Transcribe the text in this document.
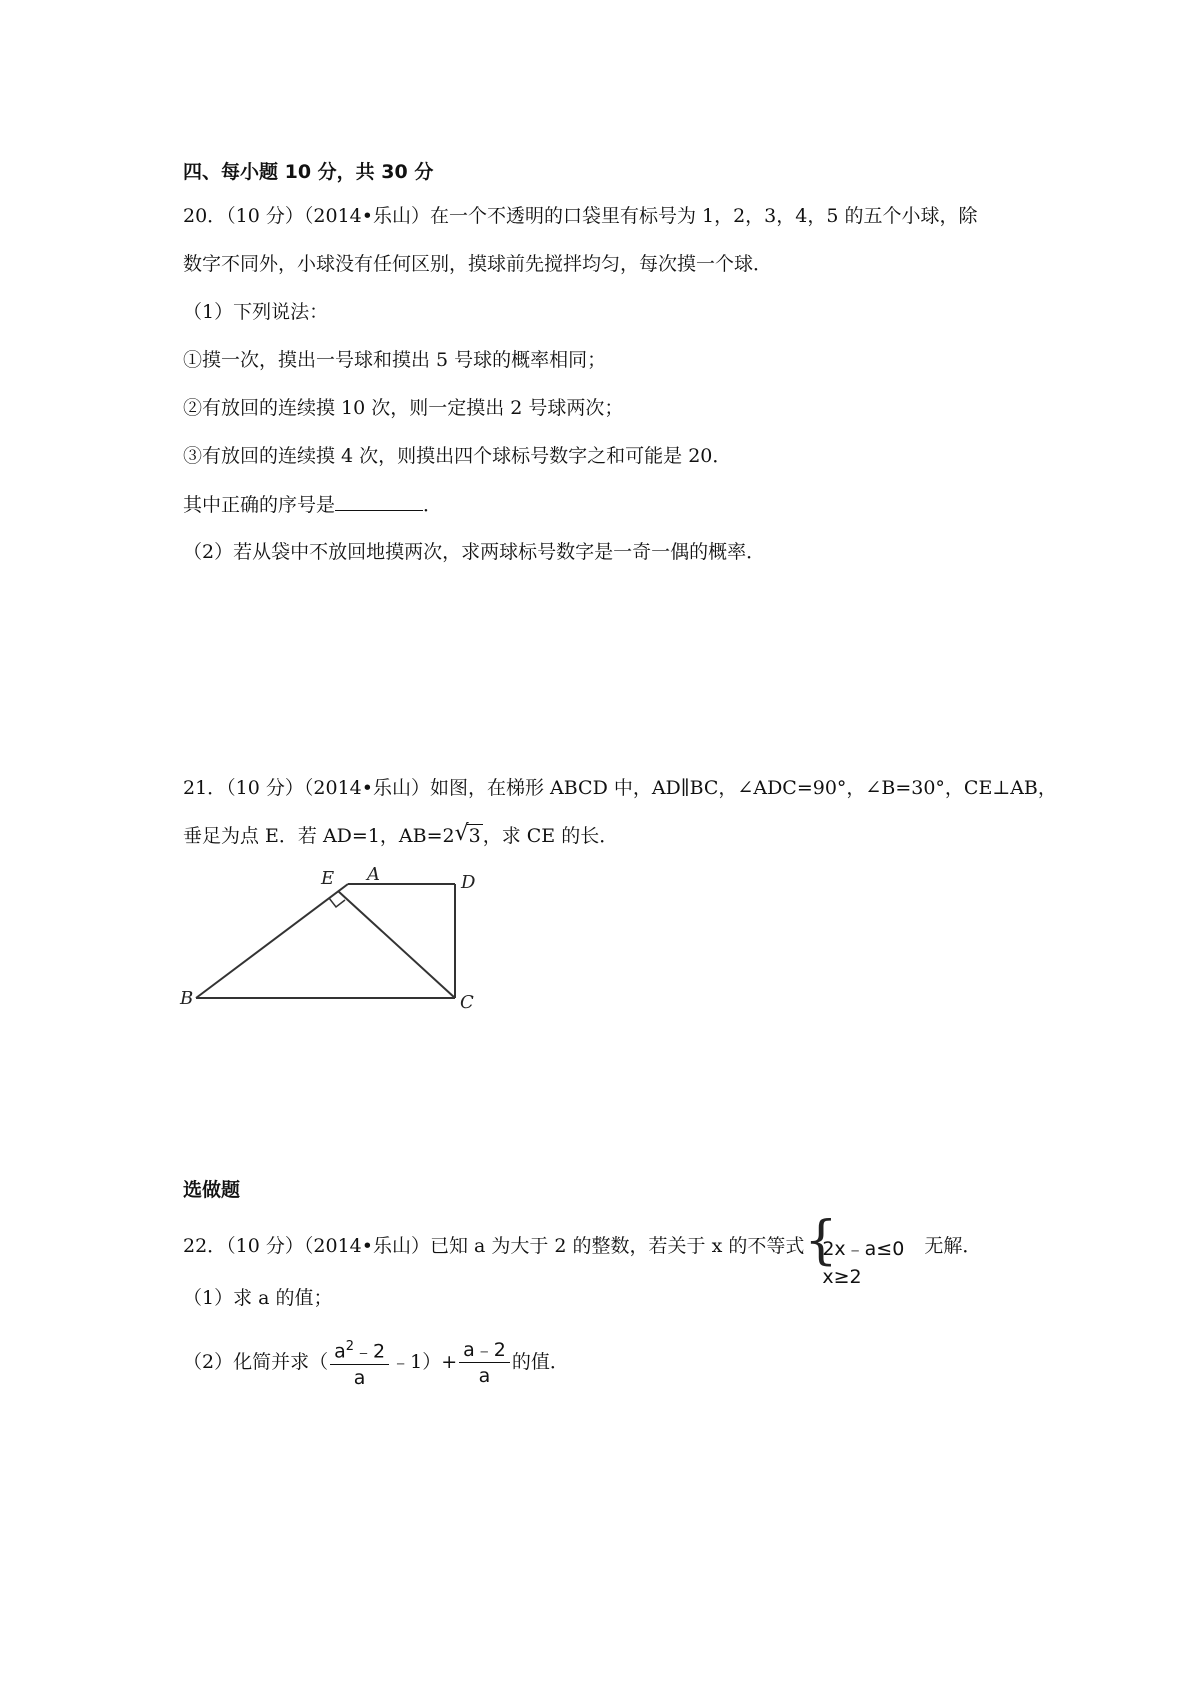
四、每小题 10 分，共 30 分
20．（10 分）（2014•乐山）在一个不透明的口袋里有标号为 1，2，3，4，5 的五个小球，除
数字不同外，小球没有任何区别，摸球前先搅拌均匀，每次摸一个球．
（1）下列说法：
①摸一次，摸出一号球和摸出 5 号球的概率相同；
②有放回的连续摸 10 次，则一定摸出 2 号球两次；
③有放回的连续摸 4 次，则摸出四个球标号数字之和可能是 20．
其中正确的序号是	．
（2）若从袋中不放回地摸两次，求两球标号数字是一奇一偶的概率．
21．（10 分）（2014•乐山）如图，在梯形 ABCD 中，AD∥BC，∠ADC=90°，∠B=30°，CE⊥AB，
垂足为点 E．若 AD=1，AB=2 √ 3 ，求 CE 的长．
A
E	D
B	C
选做题
22．（10 分）（2014•乐山）已知 a 为大于 2 的整数，若关于 x 的不等式 {
2x﹣a≤0
x≥2
无解．
（1）求 a 的值；
（2）化简并求（ $\frac{a^2﹣2}{a}$ ﹣1）+ $\frac{a﹣2}{a}$ 的值．
